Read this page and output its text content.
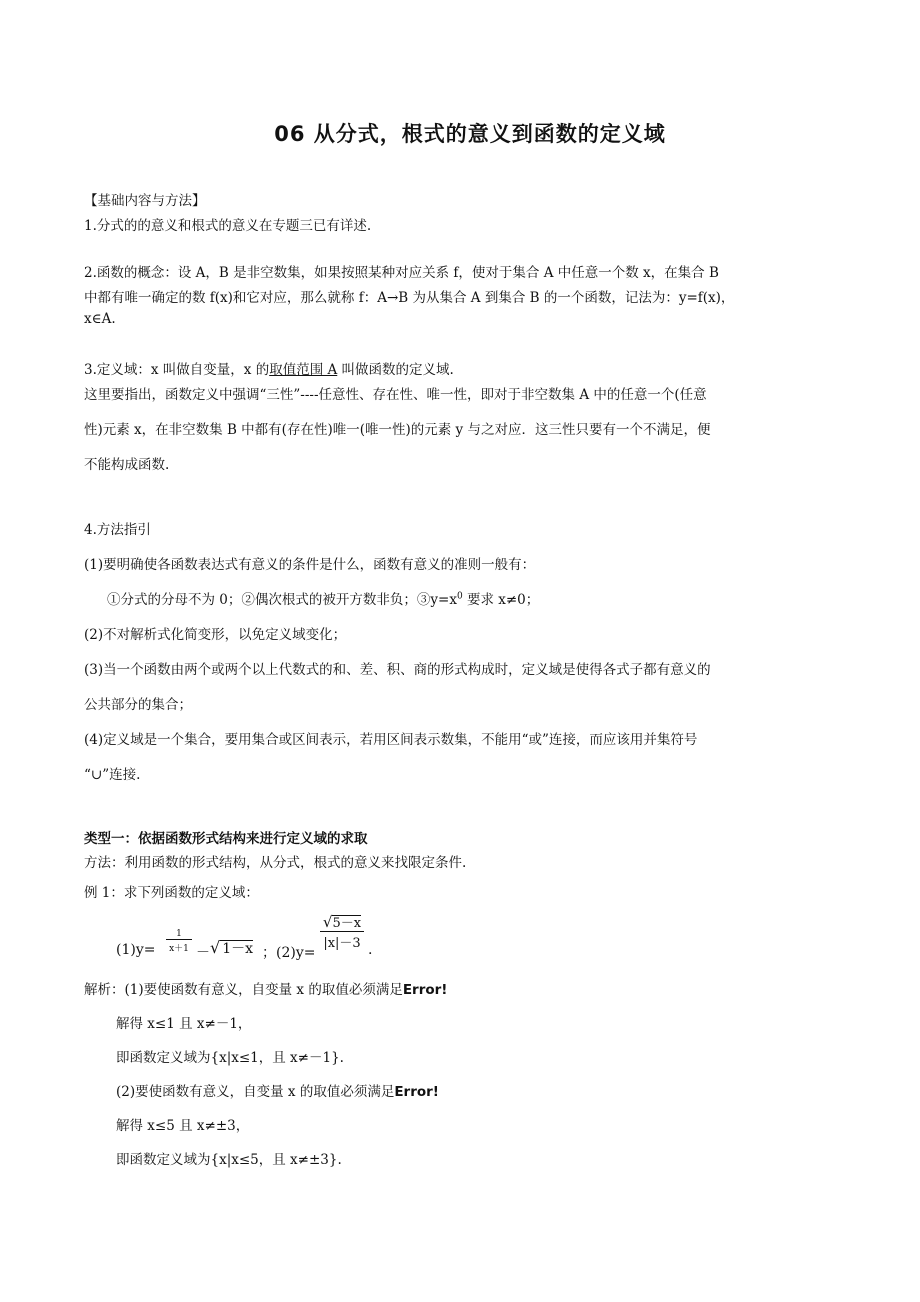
06 从分式，根式的意义到函数的定义域
【基础内容与方法】
1.分式的的意义和根式的意义在专题三已有详述.
2.函数的概念：设 A，B 是非空数集，如果按照某种对应关系 f，使对于集合 A 中任意一个数 x，在集合 B
中都有唯一确定的数 f(x)和它对应，那么就称 f：A→B 为从集合 A 到集合 B 的一个函数，记法为：y=f(x)，
x∈A.
3.定义域：x 叫做自变量，x 的取值范围 A 叫做函数的定义域.
这里要指出，函数定义中强调“三性”----任意性、存在性、唯一性，即对于非空数集 A 中的任意一个(任意
性)元素 x，在非空数集 B 中都有(存在性)唯一(唯一性)的元素 y 与之对应．这三性只要有一个不满足，便
不能构成函数.
4.方法指引
(1)要明确使各函数表达式有意义的条件是什么，函数有意义的准则一般有：
①分式的分母不为 0；②偶次根式的被开方数非负；$③y=x^0$ 要求 x≠0；
(2)不对解析式化简变形，以免定义域变化；
(3)当一个函数由两个或两个以上代数式的和、差、积、商的形式构成时，定义域是使得各式子都有意义的
公共部分的集合；
(4)定义域是一个集合，要用集合或区间表示，若用区间表示数集，不能用“或”连接，而应该用并集符号
“∪”连接.
类型一：依据函数形式结构来进行定义域的求取
方法：利用函数的形式结构，从分式，根式的意义来找限定条件.
例 1：求下列函数的定义域：
$(1)y= \frac{1}{x+1}$ － √ 1－x ；(2)y=
$\frac{√5-x}{|x|-3}$ .
解析：(1)要使函数有意义，自变量 x 的取值必须满足Error!
解得 x≤1 且 x≠－1，
即函数定义域为{x|x≤1，且 x≠－1}.
(2)要使函数有意义，自变量 x 的取值必须满足Error!
解得 x≤5 且 x≠±3，
即函数定义域为{x|x≤5，且 x≠±3}.
